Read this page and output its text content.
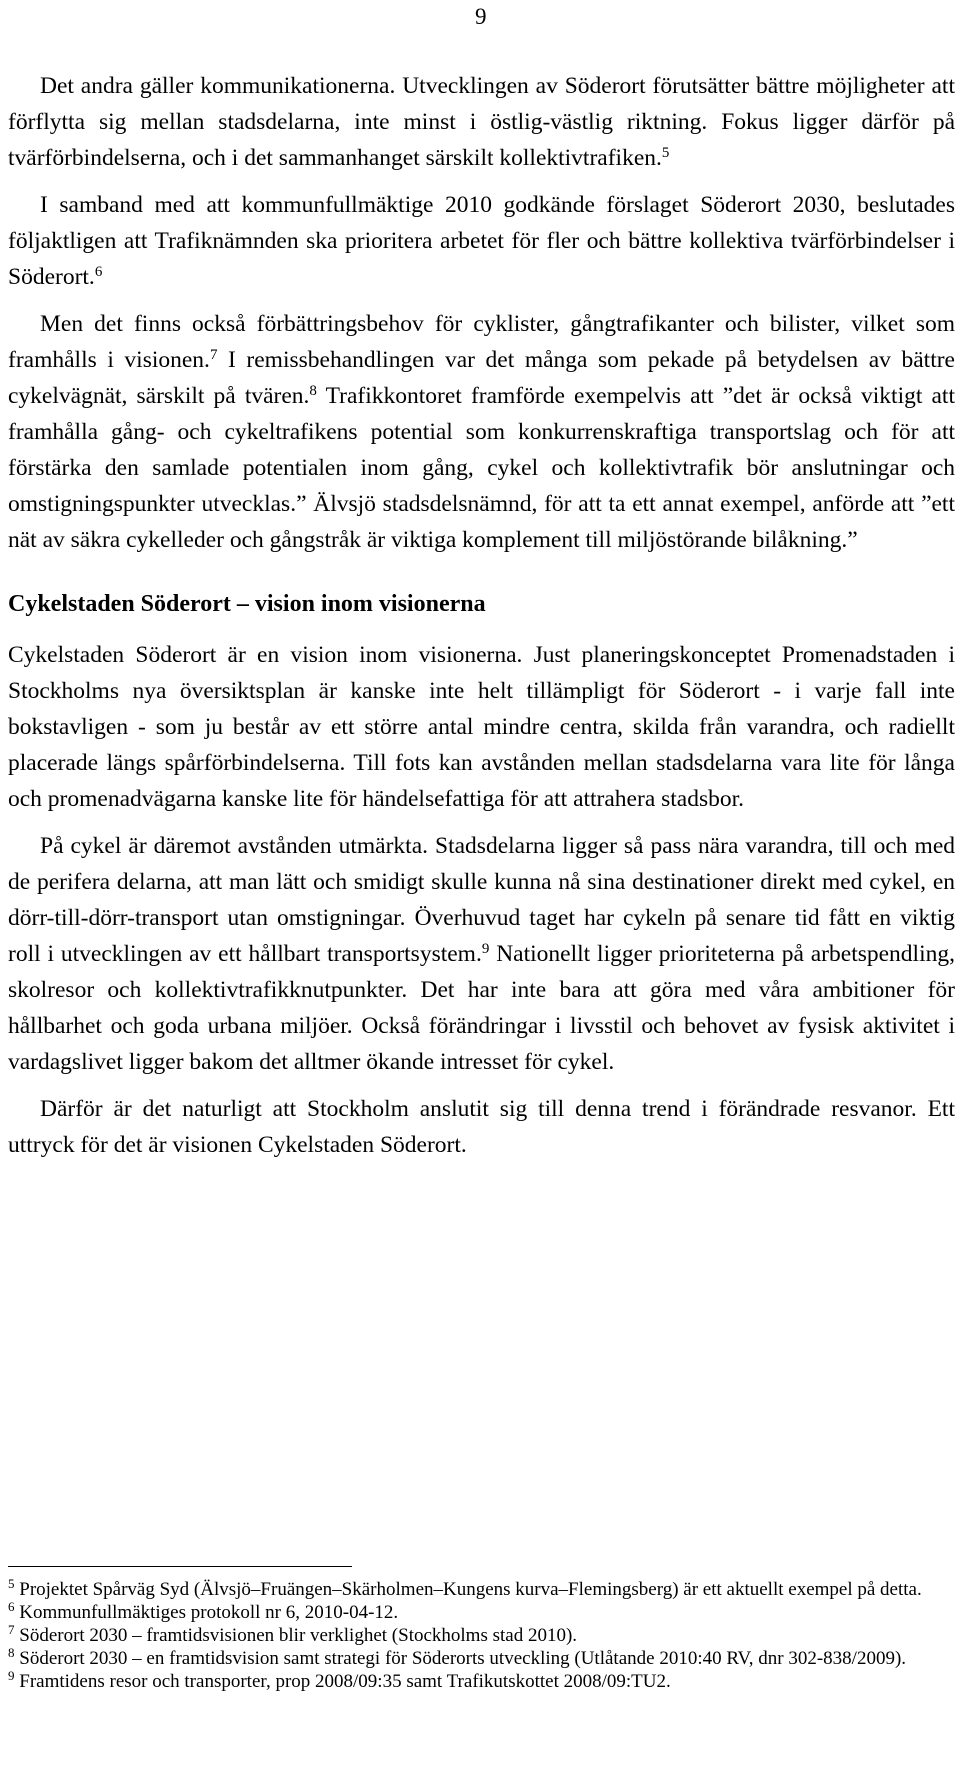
9

Det andra gäller kommunikationerna. Utvecklingen av Söderort förutsätter bättre möjligheter att förflytta sig mellan stadsdelarna, inte minst i östlig-västlig riktning. Fokus ligger därför på tvärförbindelserna, och i det sammanhanget särskilt kollektivtrafiken.$^5$

I samband med att kommunfullmäktige 2010 godkände förslaget Söderort 2030, beslutades följaktligen att Trafiknämnden ska prioritera arbetet för fler och bättre kollektiva tvärförbindelser i Söderort.$^6$

Men det finns också förbättringsbehov för cyklister, gångtrafikanter och bilister, vilket som framhålls i visionen.$^7$ I remissbehandlingen var det många som pekade på betydelsen av bättre cykelvägnät, särskilt på tvären.$^8$ Trafikkontoret framförde exempelvis att ”det är också viktigt att framhålla gång- och cykeltrafikens potential som konkurrenskraftiga transportslag och för att förstärka den samlade potentialen inom gång, cykel och kollektivtrafik bör anslutningar och omstigningspunkter utvecklas.” Älvsjö stadsdelsnämnd, för att ta ett annat exempel, anförde att ”ett nät av säkra cykelleder och gångstråk är viktiga komplement till miljöstörande bilåkning.”

Cykelstaden Söderort – vision inom visionerna

Cykelstaden Söderort är en vision inom visionerna. Just planeringskonceptet Promenadstaden i Stockholms nya översiktsplan är kanske inte helt tillämpligt för Söderort - i varje fall inte bokstavligen - som ju består av ett större antal mindre centra, skilda från varandra, och radiellt placerade längs spårförbindelserna. Till fots kan avstånden mellan stadsdelarna vara lite för långa och promenadvägarna kanske lite för händelsefattiga för att attrahera stadsbor.

På cykel är däremot avstånden utmärkta. Stadsdelarna ligger så pass nära varandra, till och med de perifera delarna, att man lätt och smidigt skulle kunna nå sina destinationer direkt med cykel, en dörr-till-dörr-transport utan omstigningar. Överhuvud taget har cykeln på senare tid fått en viktig roll i utvecklingen av ett hållbart transportsystem.$^9$ Nationellt ligger prioriteterna på arbetspendling, skolresor och kollektivtrafikknutpunkter. Det har inte bara att göra med våra ambitioner för hållbarhet och goda urbana miljöer. Också förändringar i livsstil och behovet av fysisk aktivitet i vardagslivet ligger bakom det alltmer ökande intresset för cykel.

Därför är det naturligt att Stockholm anslutit sig till denna trend i förändrade resvanor. Ett uttryck för det är visionen Cykelstaden Söderort.

$^5$ Projektet Spårväg Syd (Älvsjö–Fruängen–Skärholmen–Kungens kurva–Flemingsberg) är ett aktuellt exempel på detta.

$^6$ Kommunfullmäktiges protokoll nr 6, 2010-04-12.

$^7$ Söderort 2030 – framtidsvisionen blir verklighet (Stockholms stad 2010).

$^8$ Söderort 2030 – en framtidsvision samt strategi för Söderorts utveckling (Utlåtande 2010:40 RV, dnr 302-838/2009).

$^9$ Framtidens resor och transporter, prop 2008/09:35 samt Trafikutskottet 2008/09:TU2.
